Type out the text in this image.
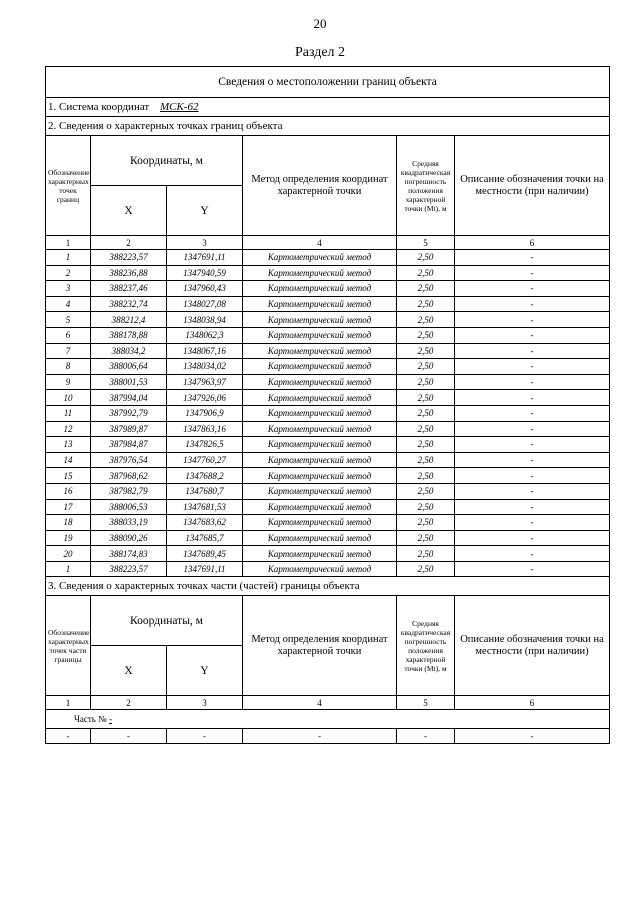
20
Раздел 2
Сведения о местоположении границ объекта					
1. Система координат МСК-62					
2. Сведения о характерных точках границ объекта					
Обозначение характерных точек границ	Координаты, м		Метод определения координат характерной точки	Средняя квадратическая погрешность положения характерной точки (Mt), м	Описание обозначения точки на местности (при наличии)
	X	Y			
1	2	3	4	5	6
1	388223,57	1347691,11	Картометрический метод	2,50	-
2	388236,88	1347940,59	Картометрический метод	2,50	-
3	388237,46	1347960,43	Картометрический метод	2,50	-
4	388232,74	1348027,08	Картометрический метод	2,50	-
5	388212,4	1348038,94	Картометрический метод	2,50	-
6	388178,88	1348062,3	Картометрический метод	2,50	-
7	388034,2	1348067,16	Картометрический метод	2,50	-
8	388006,64	1348034,02	Картометрический метод	2,50	-
9	388001,53	1347963,97	Картометрический метод	2,50	-
10	387994,04	1347926,06	Картометрический метод	2,50	-
11	387992,79	1347906,9	Картометрический метод	2,50	-
12	387989,87	1347863,16	Картометрический метод	2,50	-
13	387984,87	1347826,5	Картометрический метод	2,50	-
14	387976,54	1347760,27	Картометрический метод	2,50	-
15	387968,62	1347688,2	Картометрический метод	2,50	-
16	387982,79	1347680,7	Картометрический метод	2,50	-
17	388006,53	1347681,53	Картометрический метод	2,50	-
18	388033,19	1347683,62	Картометрический метод	2,50	-
19	388090,26	1347685,7	Картометрический метод	2,50	-
20	388174,83	1347689,45	Картометрический метод	2,50	-
1	388223,57	1347691,11	Картометрический метод	2,50	-
3. Сведения о характерных точках части (частей) границы объекта					
Обозначение характерных точек части границы	Координаты, м		Метод определения координат характерной точки	Средняя квадратическая погрешность положения характерной точки (Mt), м	Описание обозначения точки на местности (при наличии)
	X	Y			
1	2	3	4	5	6
Часть № -					
-	-	-	-	-	-
